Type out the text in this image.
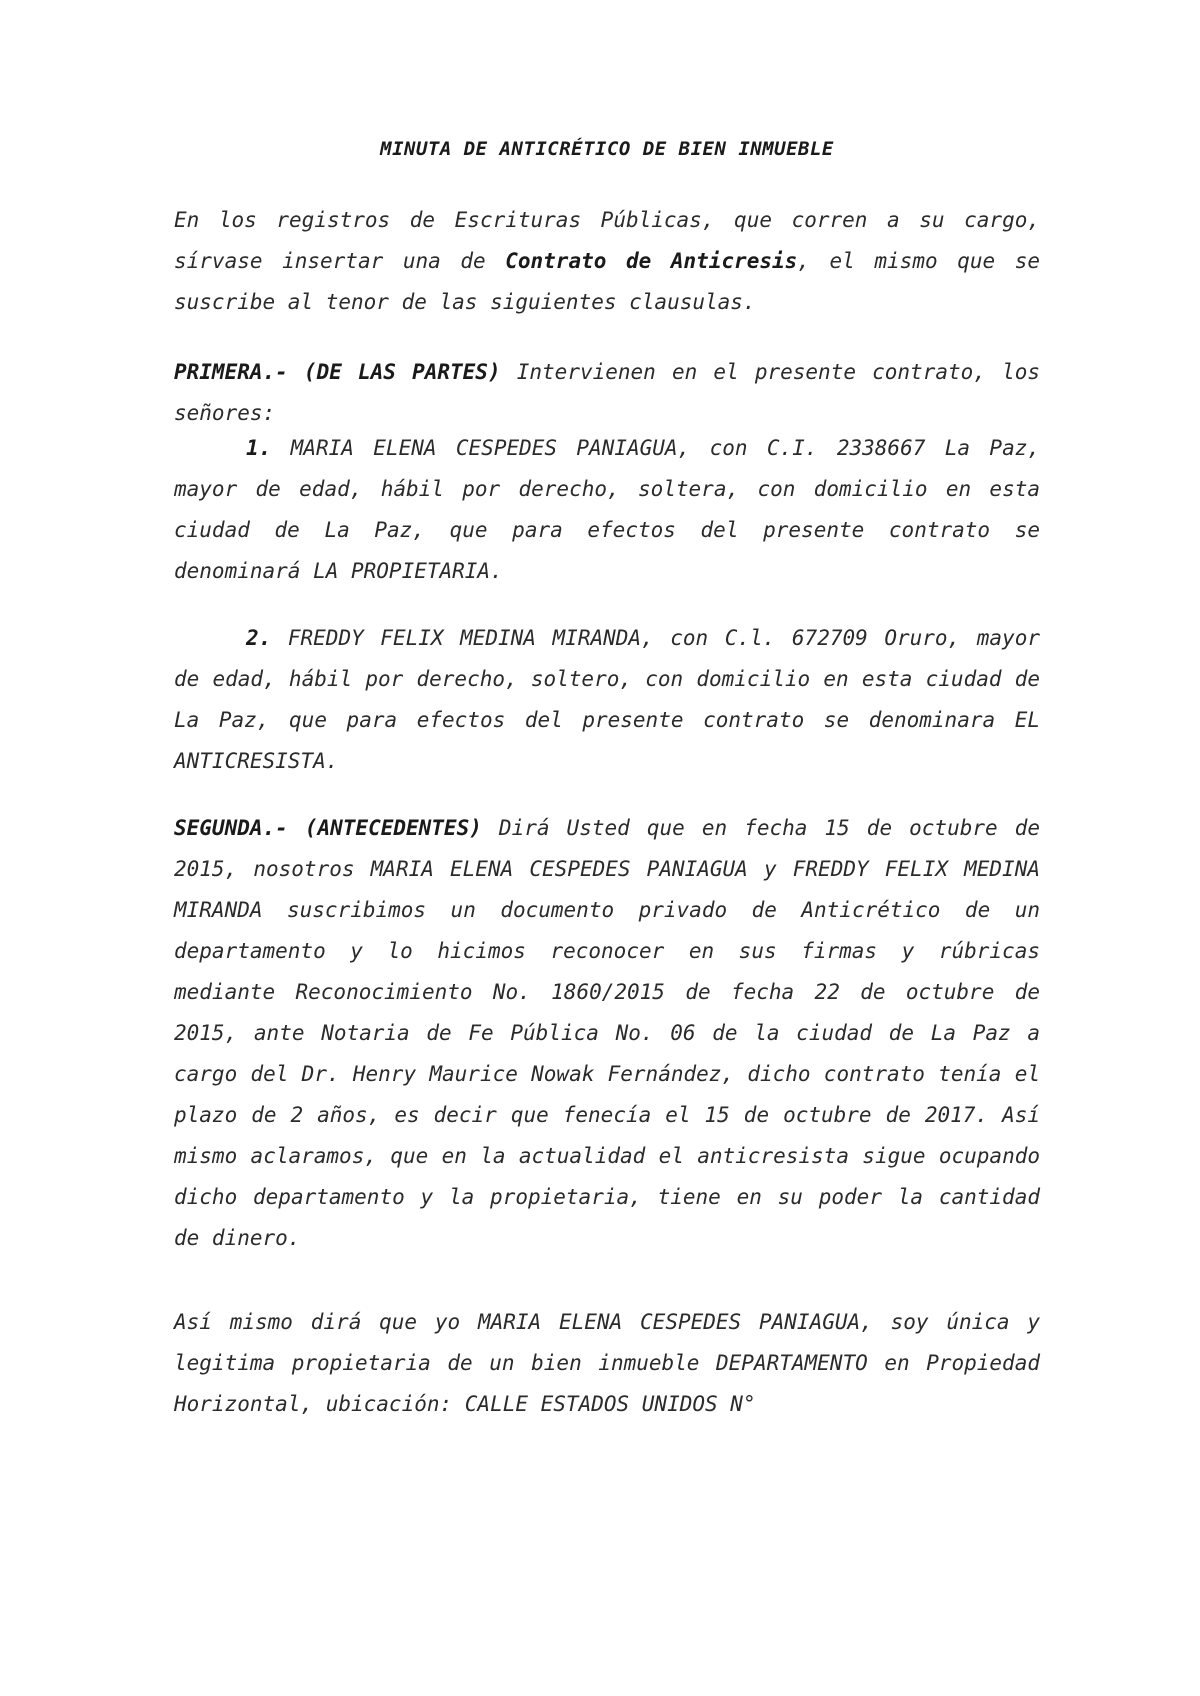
MINUTA DE ANTICRÉTICO DE BIEN INMUEBLE

En los registros de Escrituras Públicas, que corren a su cargo, sírvase insertar una de Contrato de Anticresis, el mismo que se suscribe al tenor de las siguientes clausulas.

PRIMERA.- (DE LAS PARTES) Intervienen en el presente contrato, los señores:

1. MARIA ELENA CESPEDES PANIAGUA, con C.I. 2338667 La Paz, mayor de edad, hábil por derecho, soltera, con domicilio en esta ciudad de La Paz, que para efectos del presente contrato se denominará LA PROPIETARIA.

2. FREDDY FELIX MEDINA MIRANDA, con C.l. 672709 Oruro, mayor de edad, hábil por derecho, soltero, con domicilio en esta ciudad de La Paz, que para efectos del presente contrato se denominara EL ANTICRESISTA.

SEGUNDA.- (ANTECEDENTES) Dirá Usted que en fecha 15 de octubre de 2015, nosotros MARIA ELENA CESPEDES PANIAGUA y FREDDY FELIX MEDINA MIRANDA suscribimos un documento privado de Anticrético de un departamento y lo hicimos reconocer en sus firmas y rúbricas mediante Reconocimiento No. 1860/2015 de fecha 22 de octubre de 2015, ante Notaria de Fe Pública No. 06 de la ciudad de La Paz a cargo del Dr. Henry Maurice Nowak Fernández, dicho contrato tenía el plazo de 2 años, es decir que fenecía el 15 de octubre de 2017. Así mismo aclaramos, que en la actualidad el anticresista sigue ocupando dicho departamento y la propietaria, tiene en su poder la cantidad de dinero.

Así mismo dirá que yo MARIA ELENA CESPEDES PANIAGUA, soy única y legitima propietaria de un bien inmueble DEPARTAMENTO en Propiedad Horizontal, ubicación: CALLE ESTADOS UNIDOS N°
